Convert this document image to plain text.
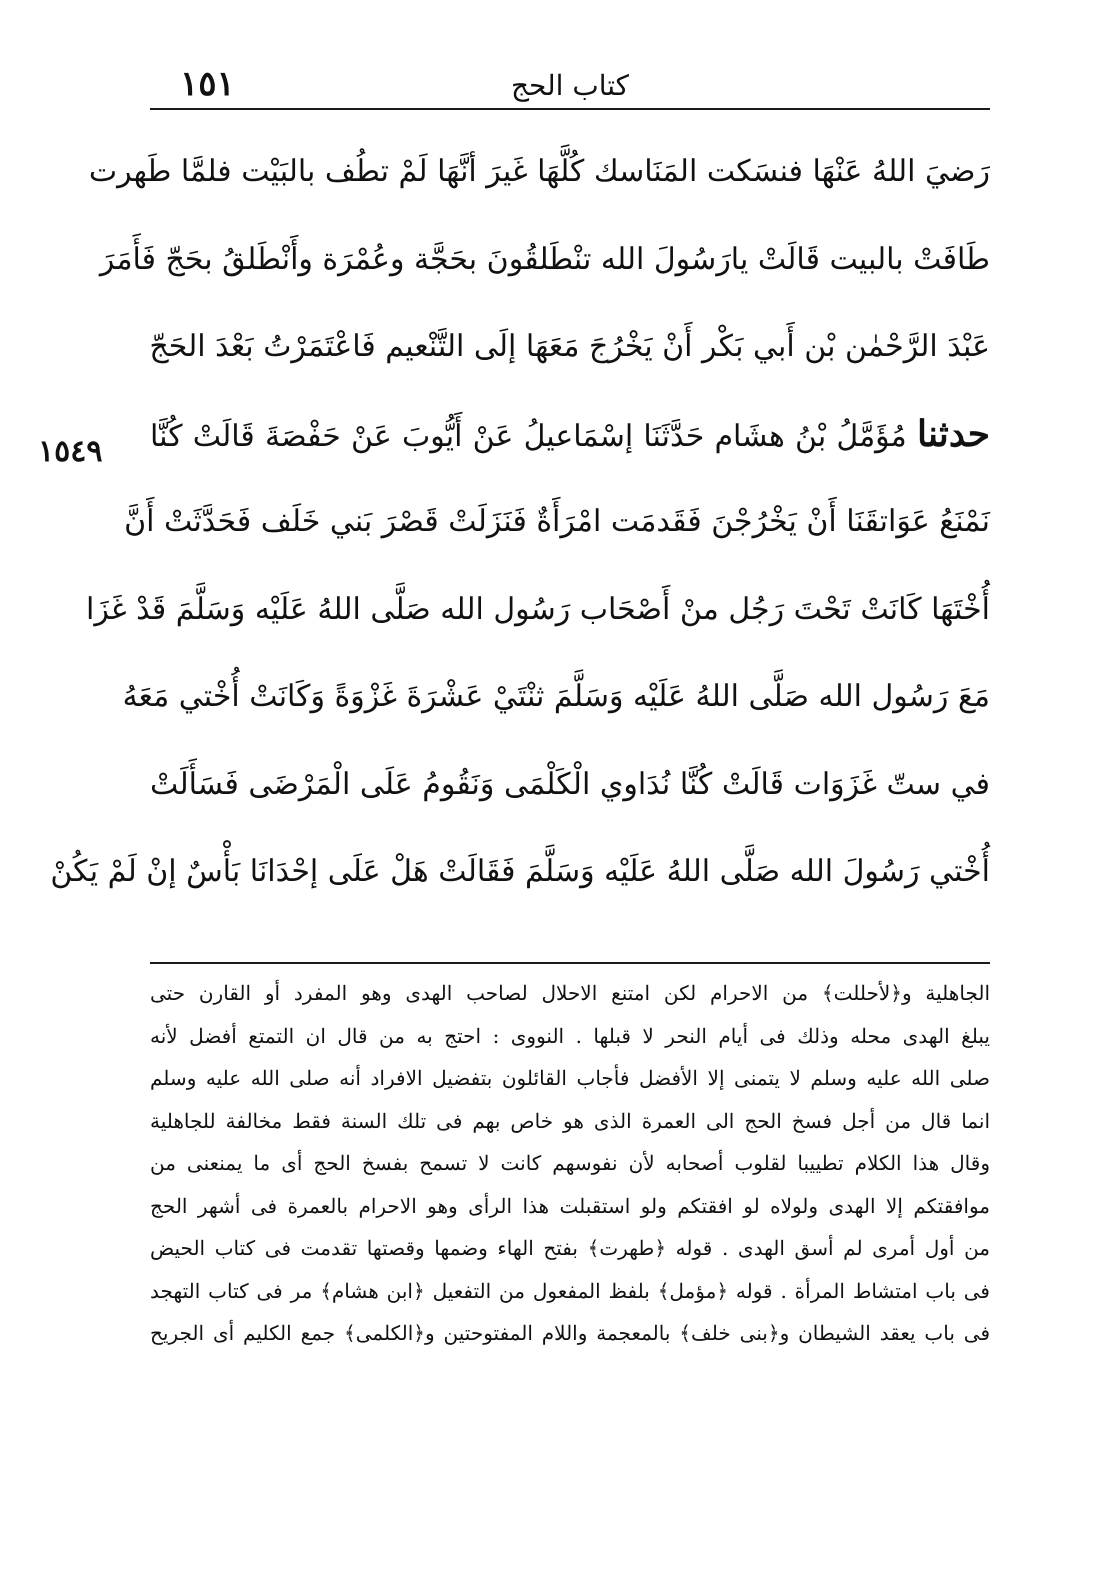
١٥١	كتاب الحج
١٥٤٩
رَضيَ اللهُ عَنْهَا فنسَكت المَنَاسك كُلَّهَا غَيرَ أنَّهَا لَمْ تطُف بالبَيْت فلمَّا طَهرت
طَافَتْ بالبيت قَالَتْ يارَسُولَ الله تنْطَلقُونَ بحَجَّة وعُمْرَة وأَنْطَلقُ بحَجّ فَأَمَرَ
عَبْدَ الرَّحْمٰن بْن أَبي بَكْر أَنْ يَخْرُجَ مَعَهَا إلَى التَّنْعيم فَاعْتَمَرْتُ بَعْدَ الحَجّ
حدثنا مُؤَمَّلُ بْنُ هشَام حَدَّثَنَا إسْمَاعيلُ عَنْ أَيُّوبَ عَنْ حَفْصَةَ قَالَتْ كُنَّا
نَمْنَعُ عَوَاتقَنَا أَنْ يَخْرُجْنَ فَقَدمَت امْرَأَةٌ فَنَزَلَتْ قَصْرَ بَني خَلَف فَحَدَّثَتْ أَنَّ
أُخْتَهَا كَانَتْ تَحْتَ رَجُل منْ أَصْحَاب رَسُول الله صَلَّى اللهُ عَلَيْه وَسَلَّمَ قَدْ غَزَا
مَعَ رَسُول الله صَلَّى اللهُ عَلَيْه وَسَلَّمَ ثنْتَيْ عَشْرَةَ غَزْوَةً وَكَانَتْ أُخْتي مَعَهُ
في ستّ غَزَوَات قَالَتْ كُنَّا نُدَاوي الْكَلْمَى وَنَقُومُ عَلَى الْمَرْضَى فَسَأَلَتْ
أُخْتي رَسُولَ الله صَلَّى اللهُ عَلَيْه وَسَلَّمَ فَقَالَتْ هَلْ عَلَى إحْدَانَا بَأْسٌ إنْ لَمْ يَكُنْ
الجاهلية و﴿لأحللت﴾ من الاحرام لكن امتنع الاحلال لصاحب الهدى وهو المفرد أو القارن حتى
يبلغ الهدى محله وذلك فى أيام النحر لا قبلها . النووى : احتج به من قال ان التمتع أفضل لأنه
صلى الله عليه وسلم لا يتمنى إلا الأفضل فأجاب القائلون بتفضيل الافراد أنه صلى الله عليه وسلم
انما قال من أجل فسخ الحج الى العمرة الذى هو خاص بهم فى تلك السنة فقط مخالفة للجاهلية
وقال هذا الكلام تطييبا لقلوب أصحابه لأن نفوسهم كانت لا تسمح بفسخ الحج أى ما يمنعنى من
موافقتكم إلا الهدى ولولاه لو افقتكم ولو استقبلت هذا الرأى وهو الاحرام بالعمرة فى أشهر الحج
من أول أمرى لم أسق الهدى . قوله ﴿طهرت﴾ بفتح الهاء وضمها وقصتها تقدمت فى كتاب الحيض
فى باب امتشاط المرأة . قوله ﴿مؤمل﴾ بلفظ المفعول من التفعيل ﴿ابن هشام﴾ مر فى كتاب التهجد
فى باب يعقد الشيطان و﴿بنى خلف﴾ بالمعجمة واللام المفتوحتين و﴿الكلمى﴾ جمع الكليم أى الجريح
